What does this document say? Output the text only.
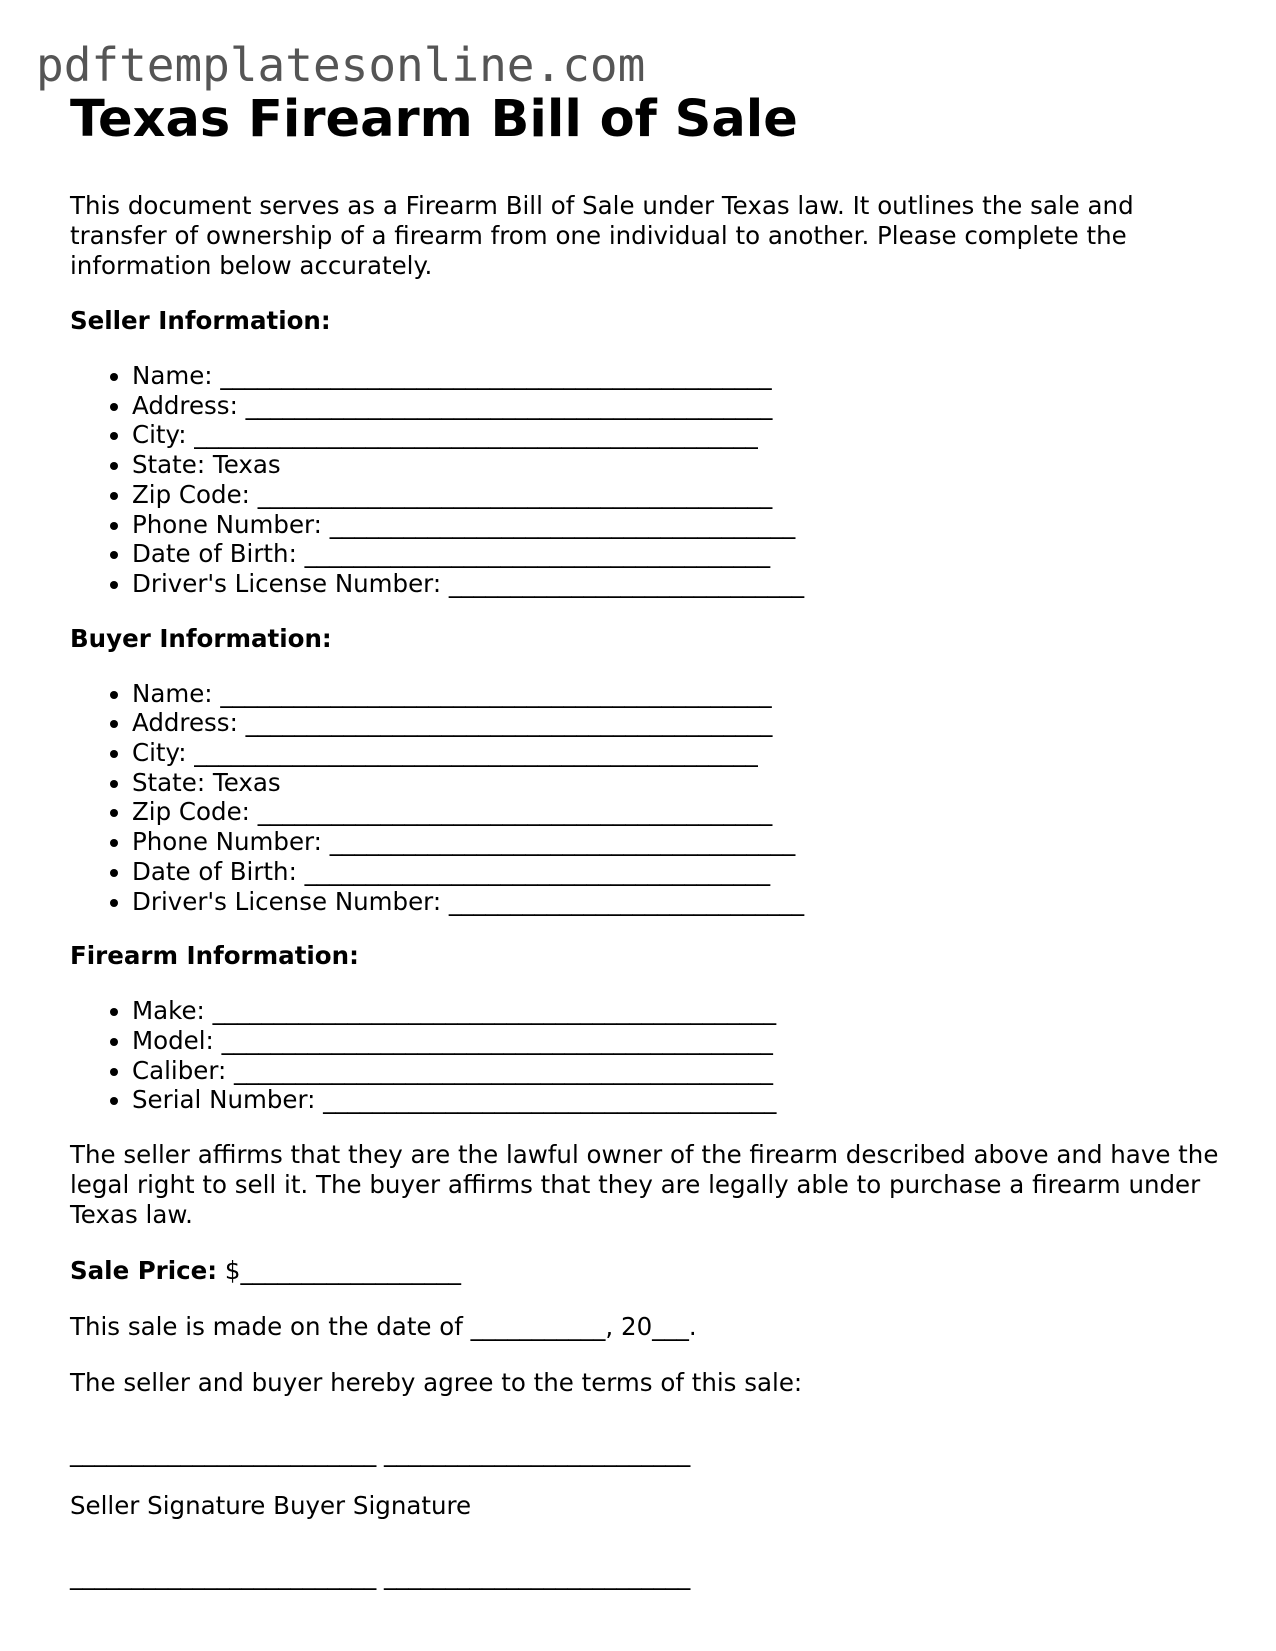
pdftemplatesonline.com
Texas Firearm Bill of Sale

This document serves as a Firearm Bill of Sale under Texas law. It outlines the sale and transfer of ownership of a firearm from one individual to another. Please complete the information below accurately.

Seller Information:
• Name: _____________________________________________
• Address: ___________________________________________
• City: ______________________________________________
• State: Texas
• Zip Code: __________________________________________
• Phone Number: ______________________________________
• Date of Birth: ______________________________________
• Driver's License Number: _____________________________
Buyer Information:
• Name: _____________________________________________
• Address: ___________________________________________
• City: ______________________________________________
• State: Texas
• Zip Code: __________________________________________
• Phone Number: ______________________________________
• Date of Birth: ______________________________________
• Driver's License Number: _____________________________
Firearm Information:
• Make: ______________________________________________
• Model: _____________________________________________
• Caliber: ____________________________________________
• Serial Number: _____________________________________

The seller affirms that they are the lawful owner of the firearm described above and have the legal right to sell it. The buyer affirms that they are legally able to purchase a firearm under Texas law.

Sale Price: $__________________

This sale is made on the date of ___________, 20___.

The seller and buyer hereby agree to the terms of this sale:

_________________________ _________________________

Seller Signature Buyer Signature

_________________________ _________________________
